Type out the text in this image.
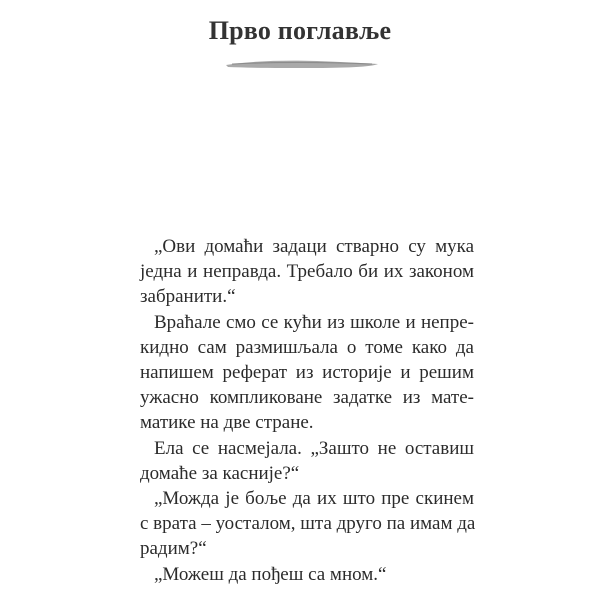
Прво поглавље

„Ови домаћи задаци стварно су мука
једна и неправда. Требало би их законом
забранити.“

Враћале смо се кући из школе и непре-
кидно сам размишљала о томе како да
напишем реферат из историје и решим
ужасно компликоване задатке из мате-
матике на две стране.

Ела се насмејала. „Зашто не оставиш
домаће за касније?“

„Можда је боље да их што пре скинем
с врата – уосталом, шта друго па имам да
радим?“

„Можеш да пођеш са мном.“
